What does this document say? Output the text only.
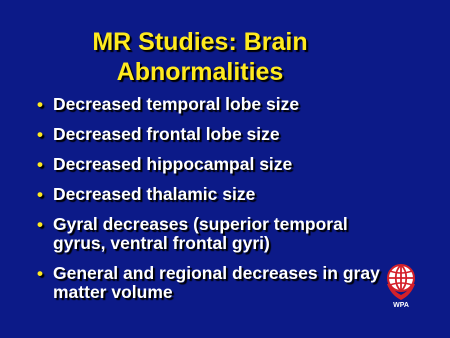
MR Studies: Brain Abnormalities
• Decreased temporal lobe size
• Decreased frontal lobe size
• Decreased hippocampal size
• Decreased thalamic size
• Gyral decreases (superior temporal gyrus, ventral frontal gyri)
• General and regional decreases in gray matter volume
WPA
